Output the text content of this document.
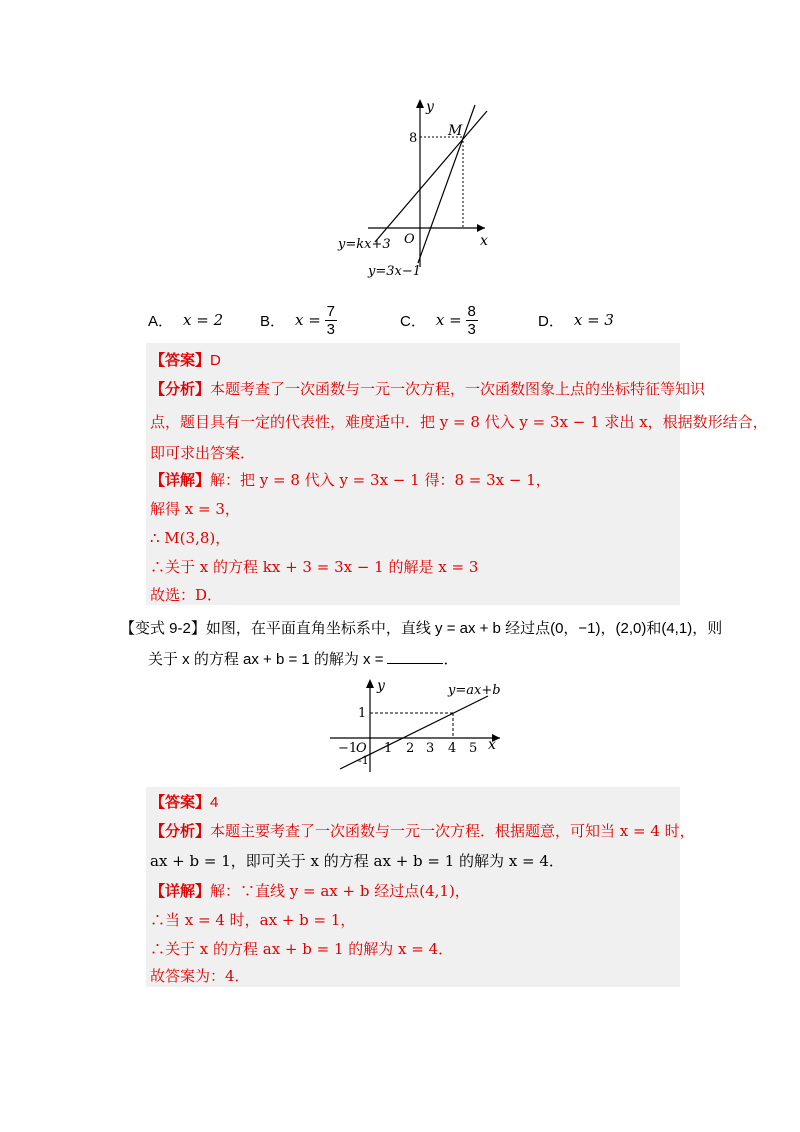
y
x
O
M
8
y=kx+3
y=3x−1
A． x = 2 B． $x = \frac{7}{3}$	C． $x = \frac{8}{3}$	D． x = 3
【答案】D
【分析】本题考查了一次函数与一元一次方程，一次函数图象上点的坐标特征等知识
点，题目具有一定的代表性，难度适中．把 y = 8 代入 y = 3x − 1 求出 x，根据数形结合，
即可求出答案．
【详解】解：把 y = 8 代入 y = 3x − 1 得：8 = 3x − 1，
解得 x = 3，
∴ M(3,8)，
∴关于 x 的方程 kx + 3 = 3x − 1 的解是 x = 3
故选：D．
【变式 9-2】如图，在平面直角坐标系中，直线 y = ax + b 经过点(0，−1)，(2,0)和(4,1)，则
关于 x 的方程 ax + b = 1 的解为 x =	．
y
x
O
y=ax+b
1
-1
−1 1 2 3 4 5
【答案】4
【分析】本题主要考查了一次函数与一元一次方程．根据题意，可知当 x = 4 时，
ax + b = 1，即可关于 x 的方程 ax + b = 1 的解为 x = 4．
【详解】解：∵直线 y = ax + b 经过点(4,1)，
∴当 x = 4 时，ax + b = 1，
∴关于 x 的方程 ax + b = 1 的解为 x = 4．
故答案为：4．
